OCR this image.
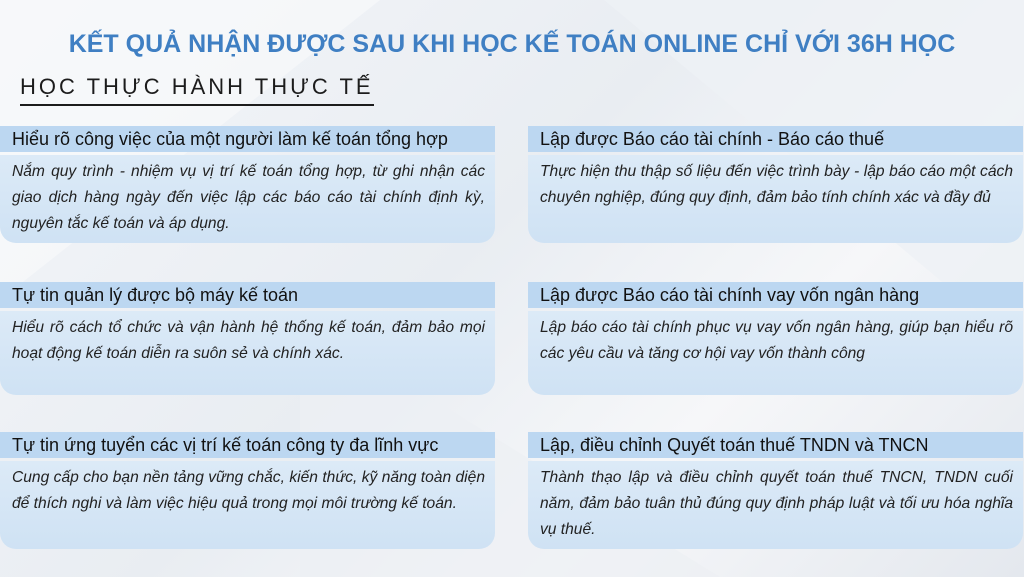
KẾT QUẢ NHẬN ĐƯỢC SAU KHI HỌC KẾ TOÁN ONLINE CHỈ VỚI 36H HỌC
HỌC THỰC HÀNH THỰC TẾ
Hiểu rõ công việc của một người làm kế toán tổng hợp
Nắm quy trình - nhiệm vụ vị trí kế toán tổng hợp, từ ghi nhận các giao dịch hàng ngày đến việc lập các báo cáo tài chính định kỳ, nguyên tắc kế toán và áp dụng.
Lập được Báo cáo tài chính - Báo cáo thuế
Thực hiện thu thập số liệu đến việc trình bày - lập báo cáo một cách chuyên nghiệp, đúng quy định, đảm bảo tính chính xác và đầy đủ
Tự tin quản lý được bộ máy kế toán
Hiểu rõ cách tổ chức và vận hành hệ thống kế toán, đảm bảo mọi hoạt động kế toán diễn ra suôn sẻ và chính xác.
Lập được Báo cáo tài chính vay vốn ngân hàng
Lập báo cáo tài chính phục vụ vay vốn ngân hàng, giúp bạn hiểu rõ các yêu cầu và tăng cơ hội vay vốn thành công
Tự tin ứng tuyển các vị trí kế toán công ty đa lĩnh vực
Cung cấp cho bạn nền tảng vững chắc, kiến thức, kỹ năng toàn diện để thích nghi và làm việc hiệu quả trong mọi môi trường kế toán.
Lập, điều chỉnh Quyết toán thuế TNDN và TNCN
Thành thạo lập và điều chỉnh quyết toán thuế TNCN, TNDN cuối năm, đảm bảo tuân thủ đúng quy định pháp luật và tối ưu hóa nghĩa vụ thuế.
